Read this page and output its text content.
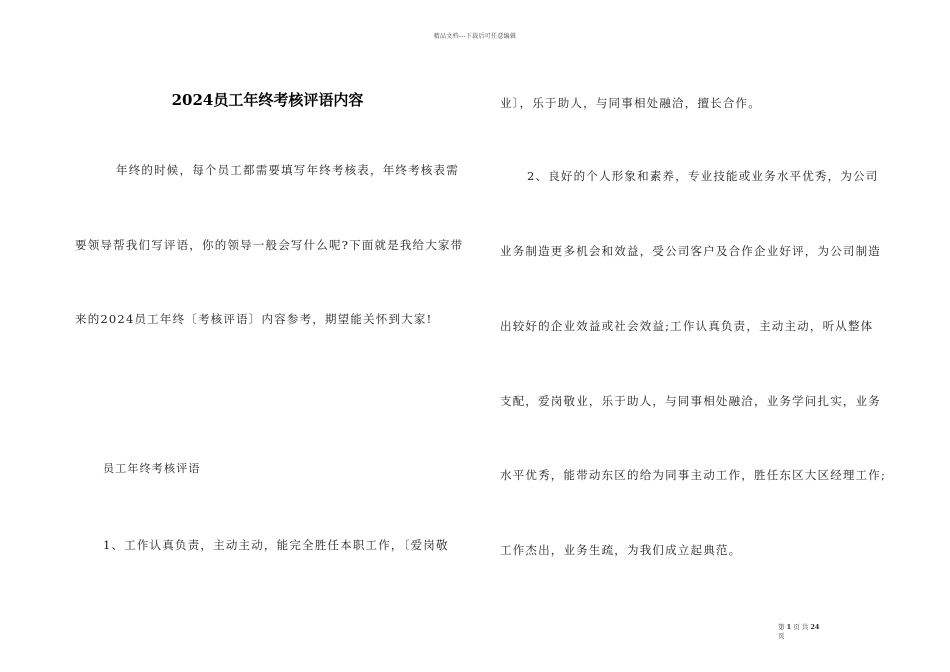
精品文档---下载后可任意编辑
2024员工年终考核评语内容
年终的时候，每个员工都需要填写年终考核表，年终考核表需
要领导帮我们写评语，你的领导一般会写什么呢?下面就是我给大家带
来的2024员工年终〔考核评语〕内容参考，期望能关怀到大家!
员工年终考核评语
1、工作认真负责，主动主动，能完全胜任本职工作，〔爱岗敬
业〕，乐于助人，与同事相处融洽，擅长合作。
2、良好的个人形象和素养，专业技能或业务水平优秀，为公司
业务制造更多机会和效益，受公司客户及合作企业好评，为公司制造
出较好的企业效益或社会效益;工作认真负责，主动主动，听从整体
支配，爱岗敬业，乐于助人，与同事相处融洽，业务学问扎实，业务
水平优秀，能带动东区的给为同事主动工作，胜任东区大区经理工作;
工作杰出，业务生疏，为我们成立起典范。
第 1 页 共 24
页
